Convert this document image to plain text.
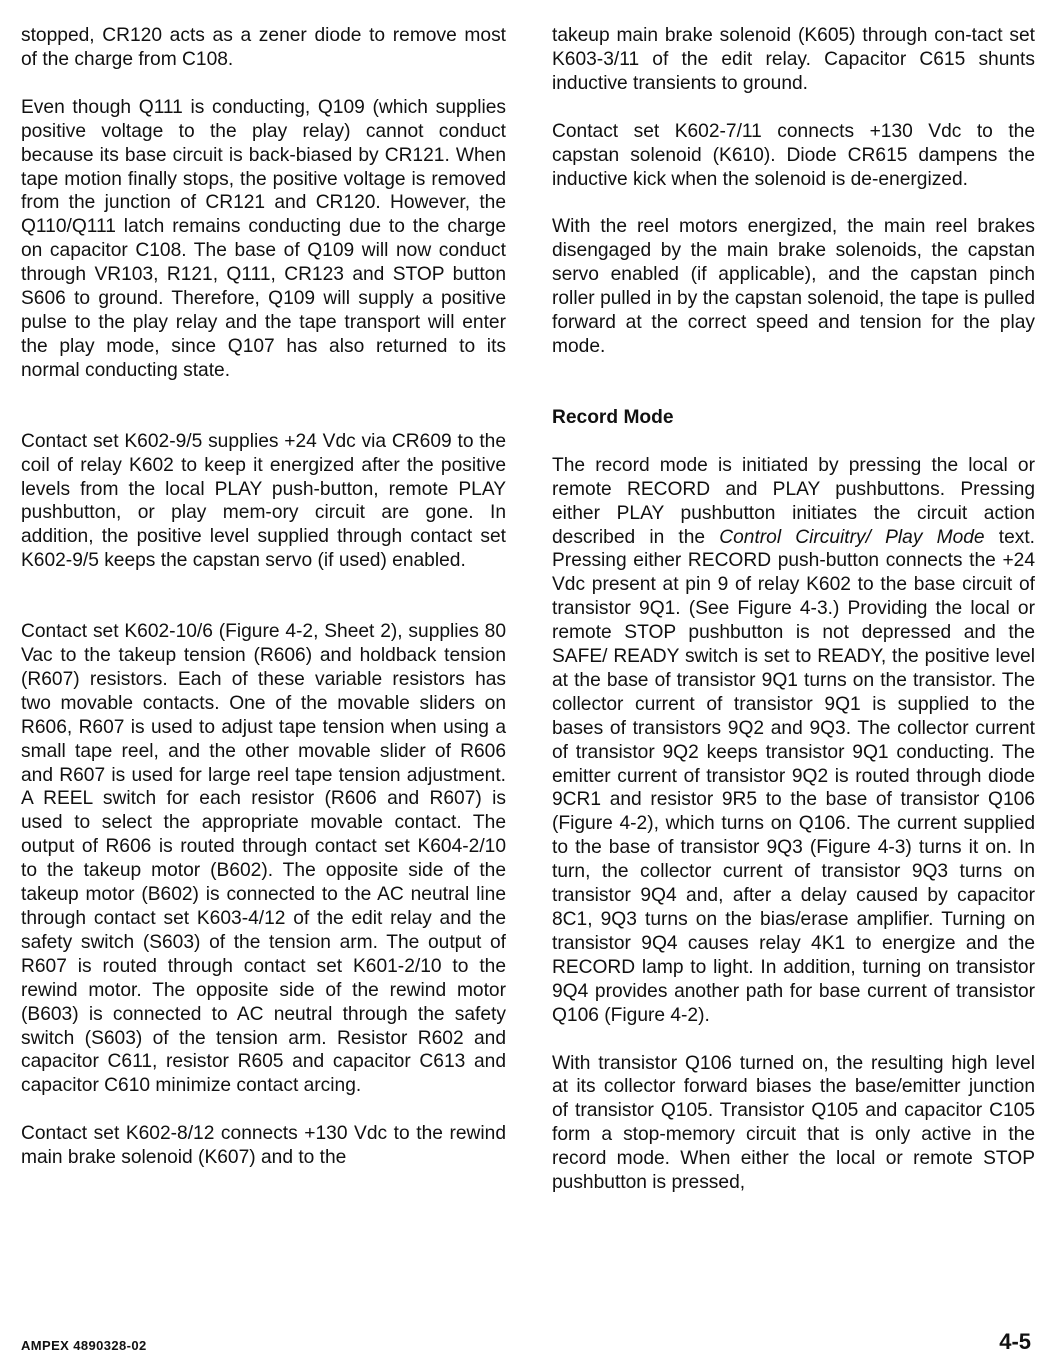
stopped, CR120 acts as a zener diode to remove most of the charge from C108.

Even though Q111 is conducting, Q109 (which supplies positive voltage to the play relay) cannot conduct because its base circuit is back-biased by CR121. When tape motion finally stops, the positive voltage is removed from the junction of CR121 and CR120. However, the Q110/Q111 latch remains conducting due to the charge on capacitor C108. The base of Q109 will now conduct through VR103, R121, Q111, CR123 and STOP button S606 to ground. Therefore, Q109 will supply a positive pulse to the play relay and the tape transport will enter the play mode, since Q107 has also returned to its normal conducting state.

Contact set K602-9/5 supplies +24 Vdc via CR609 to the coil of relay K602 to keep it energized after the positive levels from the local PLAY push-button, remote PLAY pushbutton, or play mem-ory circuit are gone. In addition, the positive level supplied through contact set K602-9/5 keeps the capstan servo (if used) enabled.

Contact set K602-10/6 (Figure 4-2, Sheet 2), supplies 80 Vac to the takeup tension (R606) and holdback tension (R607) resistors. Each of these variable resistors has two movable contacts. One of the movable sliders on R606, R607 is used to adjust tape tension when using a small tape reel, and the other movable slider of R606 and R607 is used for large reel tape tension adjustment. A REEL switch for each resistor (R606 and R607) is used to select the appropriate movable contact. The output of R606 is routed through contact set K604-2/10 to the takeup motor (B602). The opposite side of the takeup motor (B602) is connected to the AC neutral line through contact set K603-4/12 of the edit relay and the safety switch (S603) of the tension arm. The output of R607 is routed through contact set K601-2/10 to the rewind motor. The opposite side of the rewind motor (B603) is connected to AC neutral through the safety switch (S603) of the tension arm. Resistor R602 and capacitor C611, resistor R605 and capacitor C613 and capacitor C610 minimize contact arcing.

Contact set K602-8/12 connects +130 Vdc to the rewind main brake solenoid (K607) and to the

takeup main brake solenoid (K605) through con-tact set K603-3/11 of the edit relay. Capacitor C615 shunts inductive transients to ground.

Contact set K602-7/11 connects +130 Vdc to the capstan solenoid (K610). Diode CR615 dampens the inductive kick when the solenoid is de-energized.

With the reel motors energized, the main reel brakes disengaged by the main brake solenoids, the capstan servo enabled (if applicable), and the capstan pinch roller pulled in by the capstan solenoid, the tape is pulled forward at the correct speed and tension for the play mode.

Record Mode

The record mode is initiated by pressing the local or remote RECORD and PLAY pushbuttons. Pressing either PLAY pushbutton initiates the circuit action described in the Control Circuitry/ Play Mode text. Pressing either RECORD push-button connects the +24 Vdc present at pin 9 of relay K602 to the base circuit of transistor 9Q1. (See Figure 4-3.) Providing the local or remote STOP pushbutton is not depressed and the SAFE/ READY switch is set to READY, the positive level at the base of transistor 9Q1 turns on the transistor. The collector current of transistor 9Q1 is supplied to the bases of transistors 9Q2 and 9Q3. The collector current of transistor 9Q2 keeps transistor 9Q1 conducting. The emitter current of transistor 9Q2 is routed through diode 9CR1 and resistor 9R5 to the base of transistor Q106 (Figure 4-2), which turns on Q106. The current supplied to the base of transistor 9Q3 (Figure 4-3) turns it on. In turn, the collector current of transistor 9Q3 turns on transistor 9Q4 and, after a delay caused by capacitor 8C1, 9Q3 turns on the bias/erase amplifier. Turning on transistor 9Q4 causes relay 4K1 to energize and the RECORD lamp to light. In addition, turning on transistor 9Q4 provides another path for base current of transistor Q106 (Figure 4-2).

With transistor Q106 turned on, the resulting high level at its collector forward biases the base/emitter junction of transistor Q105. Transistor Q105 and capacitor C105 form a stop-memory circuit that is only active in the record mode. When either the local or remote STOP pushbutton is pressed,

AMPEX 4890328-02	4-5
